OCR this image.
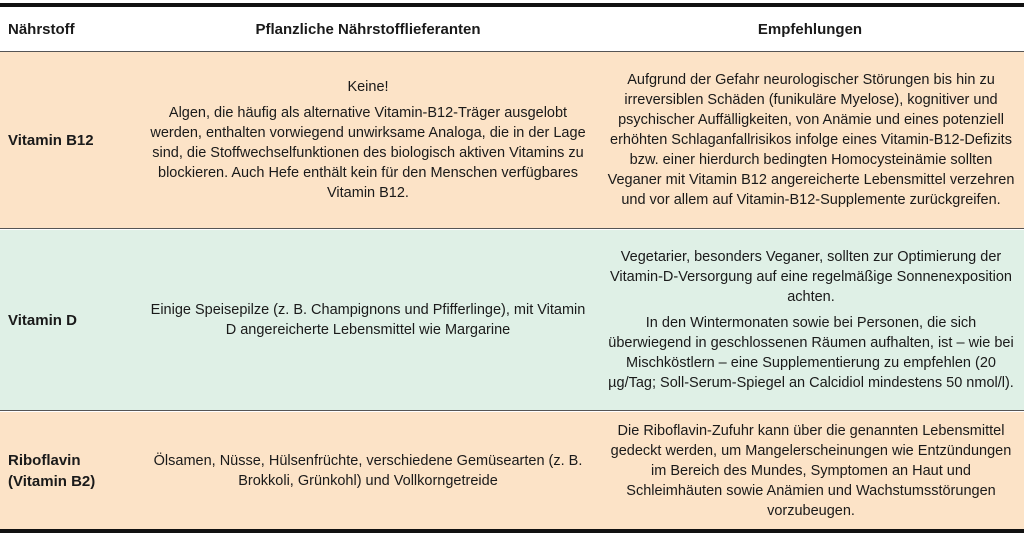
Nährstoff	Pflanzliche Nährstofflieferanten	Empfehlungen
Vitamin B12

Keine!

Algen, die häufig als alternative Vitamin-B12-Träger ausgelobt werden, enthalten vorwiegend unwirksame Analoga, die in der Lage sind, die Stoffwechselfunktionen des biologisch aktiven Vitamins zu blockieren. Auch Hefe enthält kein für den Menschen verfügbares Vitamin B12.

Aufgrund der Gefahr neurologischer Störungen bis hin zu irreversiblen Schäden (funikuläre Myelose), kognitiver und psychischer Auffälligkeiten, von Anämie und eines potenziell erhöhten Schlaganfallrisikos infolge eines Vitamin-B12-Defizits bzw. einer hierdurch bedingten Homocysteinämie sollten Veganer mit Vitamin B12 angereicherte Lebensmittel verzehren und vor allem auf Vitamin-B12-Supplemente zurückgreifen.

Vitamin D

Einige Speisepilze (z. B. Champignons und Pfifferlinge), mit Vitamin D angereicherte Lebensmittel wie Margarine

Vegetarier, besonders Veganer, sollten zur Optimierung der Vitamin-D-Versorgung auf eine regelmäßige Sonnenexposition achten.

In den Wintermonaten sowie bei Personen, die sich überwiegend in geschlossenen Räumen aufhalten, ist – wie bei Mischköstlern – eine Supplementierung zu empfehlen (20 µg/Tag; Soll-Serum-Spiegel an Calcidiol mindestens 50 nmol/l).

Riboflavin (Vitamin B2)

Ölsamen, Nüsse, Hülsenfrüchte, verschiedene Gemüsearten (z. B. Brokkoli, Grünkohl) und Vollkorngetreide

Die Riboflavin-Zufuhr kann über die genannten Lebensmittel gedeckt werden, um Mangelerscheinungen wie Entzündungen im Bereich des Mundes, Symptomen an Haut und Schleimhäuten sowie Anämien und Wachstumsstörungen vorzubeugen.
